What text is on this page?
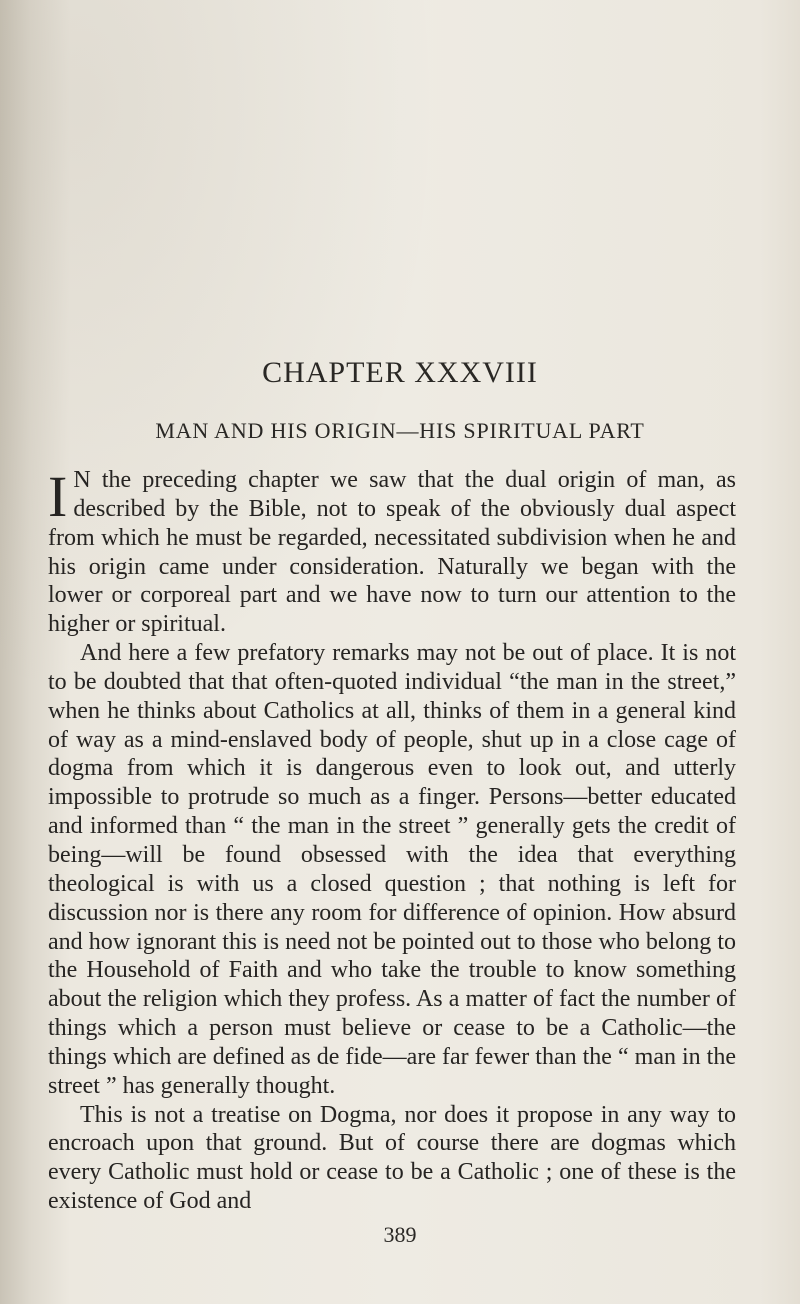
CHAPTER XXXVIII
MAN AND HIS ORIGIN—HIS SPIRITUAL PART

I N the preceding chapter we saw that the dual origin of man, as described by the Bible, not to speak of the obviously dual aspect from which he must be regarded, necessitated subdivision when he and his origin came under consideration. Naturally we began with the lower or corporeal part and we have now to turn our attention to the higher or spiritual.

And here a few prefatory remarks may not be out of place. It is not to be doubted that that often-quoted individual “the man in the street,” when he thinks about Catholics at all, thinks of them in a general kind of way as a mind-enslaved body of people, shut up in a close cage of dogma from which it is dangerous even to look out, and utterly impossible to protrude so much as a finger. Persons—better educated and informed than “ the man in the street ” generally gets the credit of being—will be found obsessed with the idea that everything theological is with us a closed question ; that nothing is left for discussion nor is there any room for difference of opinion. How absurd and how ignorant this is need not be pointed out to those who belong to the Household of Faith and who take the trouble to know something about the religion which they profess. As a matter of fact the number of things which a person must believe or cease to be a Catholic—the things which are defined as de fide—are far fewer than the “ man in the street ” has generally thought.

This is not a treatise on Dogma, nor does it propose in any way to encroach upon that ground. But of course there are dogmas which every Catholic must hold or cease to be a Catholic ; one of these is the existence of God and

389
